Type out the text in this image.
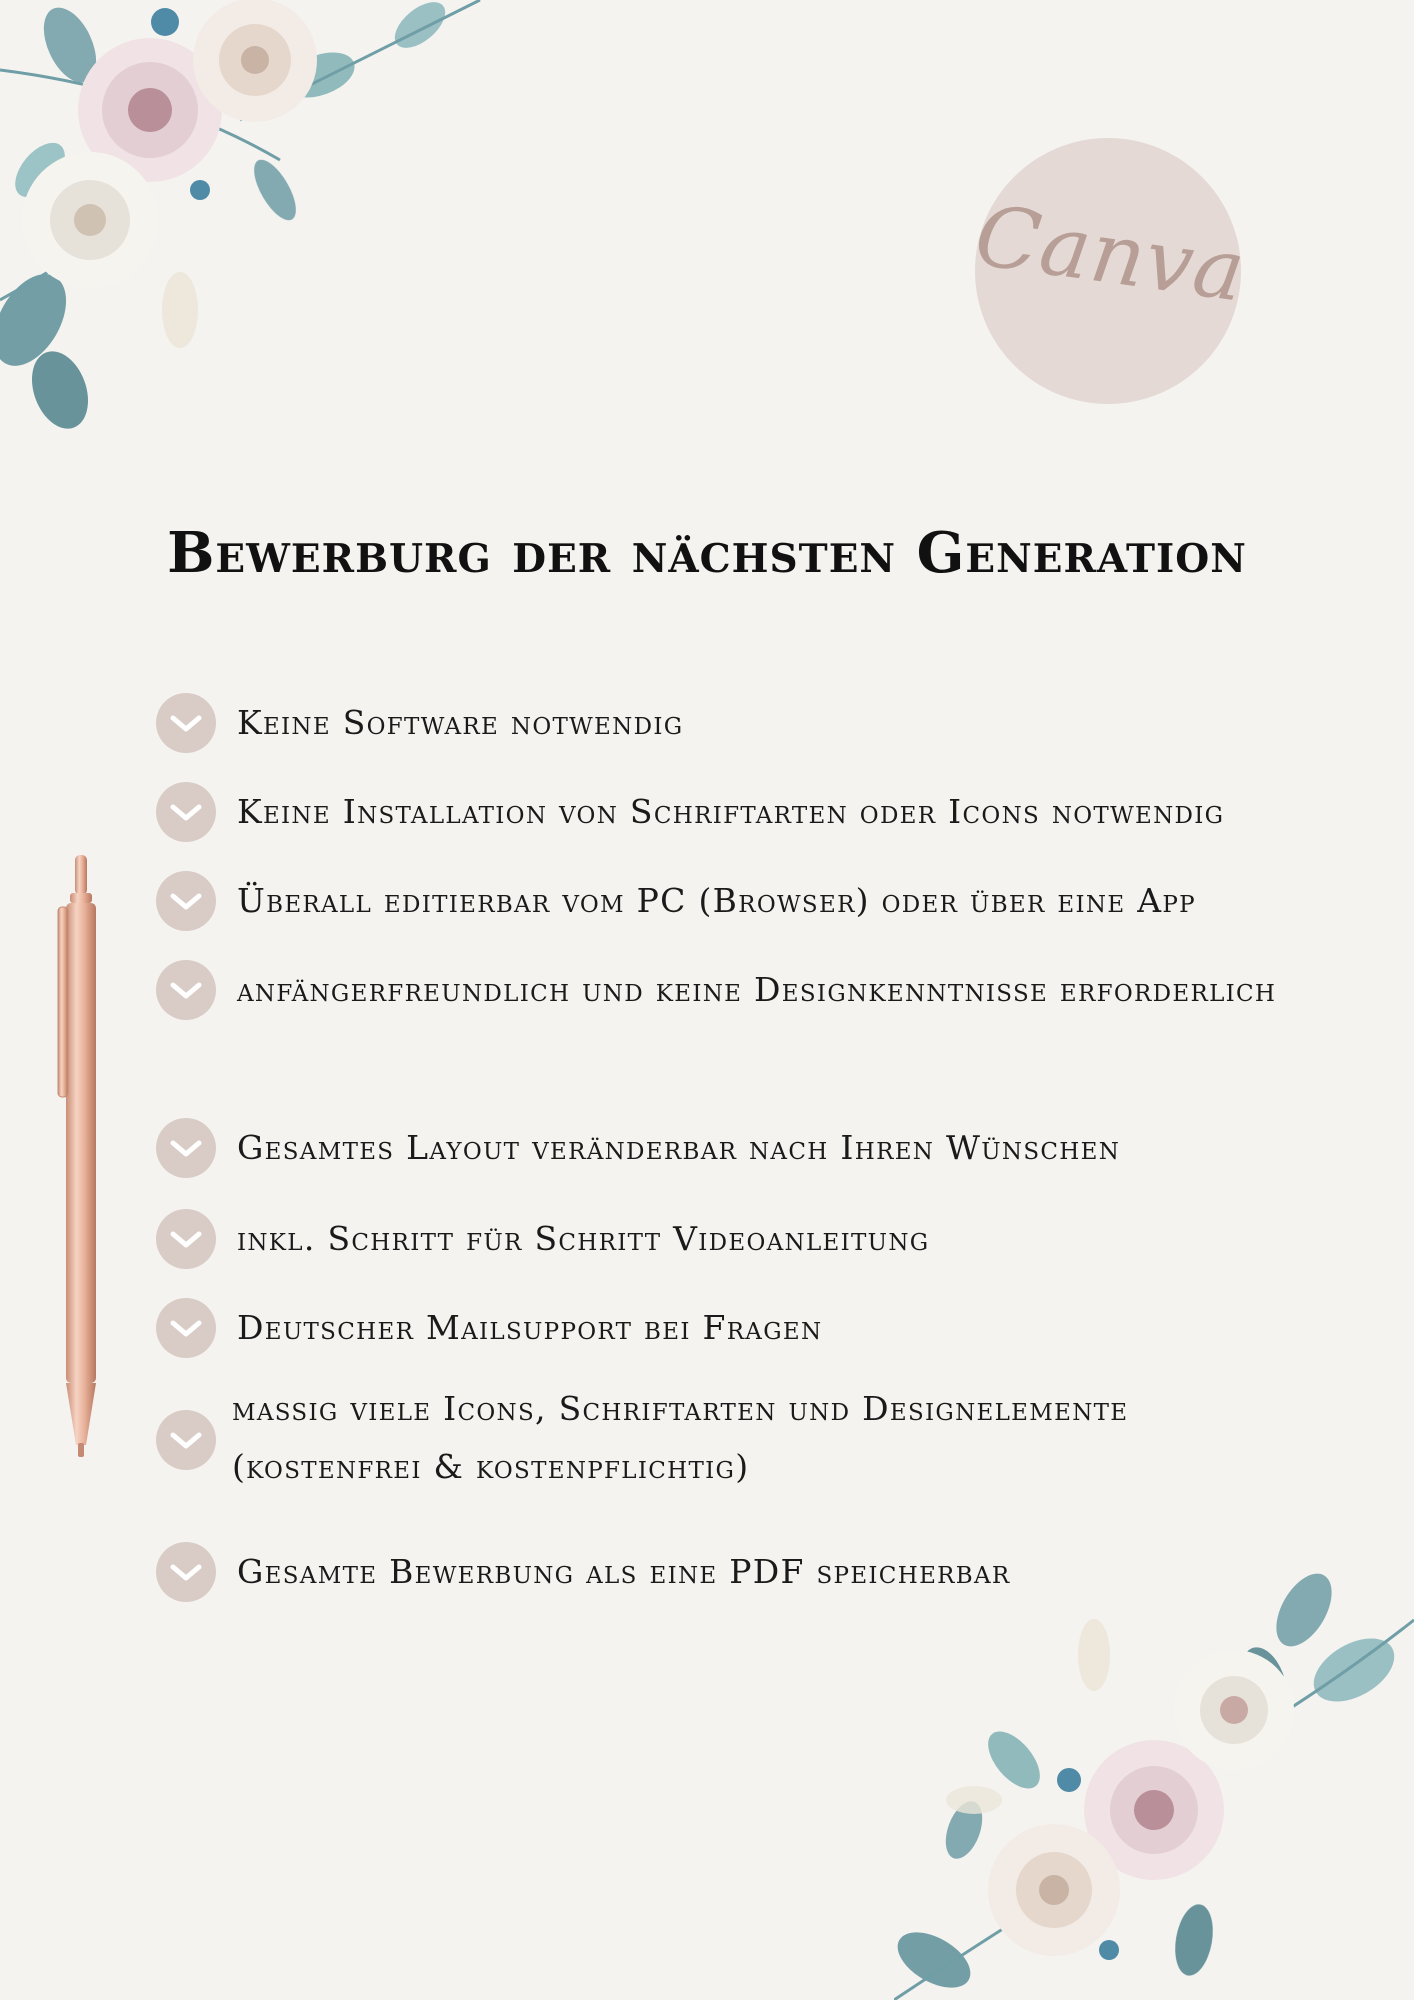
Canva
Bewerburg der nächsten Generation
Keine Software notwendig
Keine Installation von Schriftarten oder Icons notwendig
Überall editierbar vom PC (Browser) oder über eine App
anfängerfreundlich und keine Designkenntnisse erforderlich
Gesamtes Layout veränderbar nach Ihren Wünschen
inkl. Schritt für Schritt Videoanleitung
Deutscher Mailsupport bei Fragen
massig viele Icons, Schriftarten und Designelemente (kostenfrei & kostenpflichtig)
Gesamte Bewerbung als eine PDF speicherbar
